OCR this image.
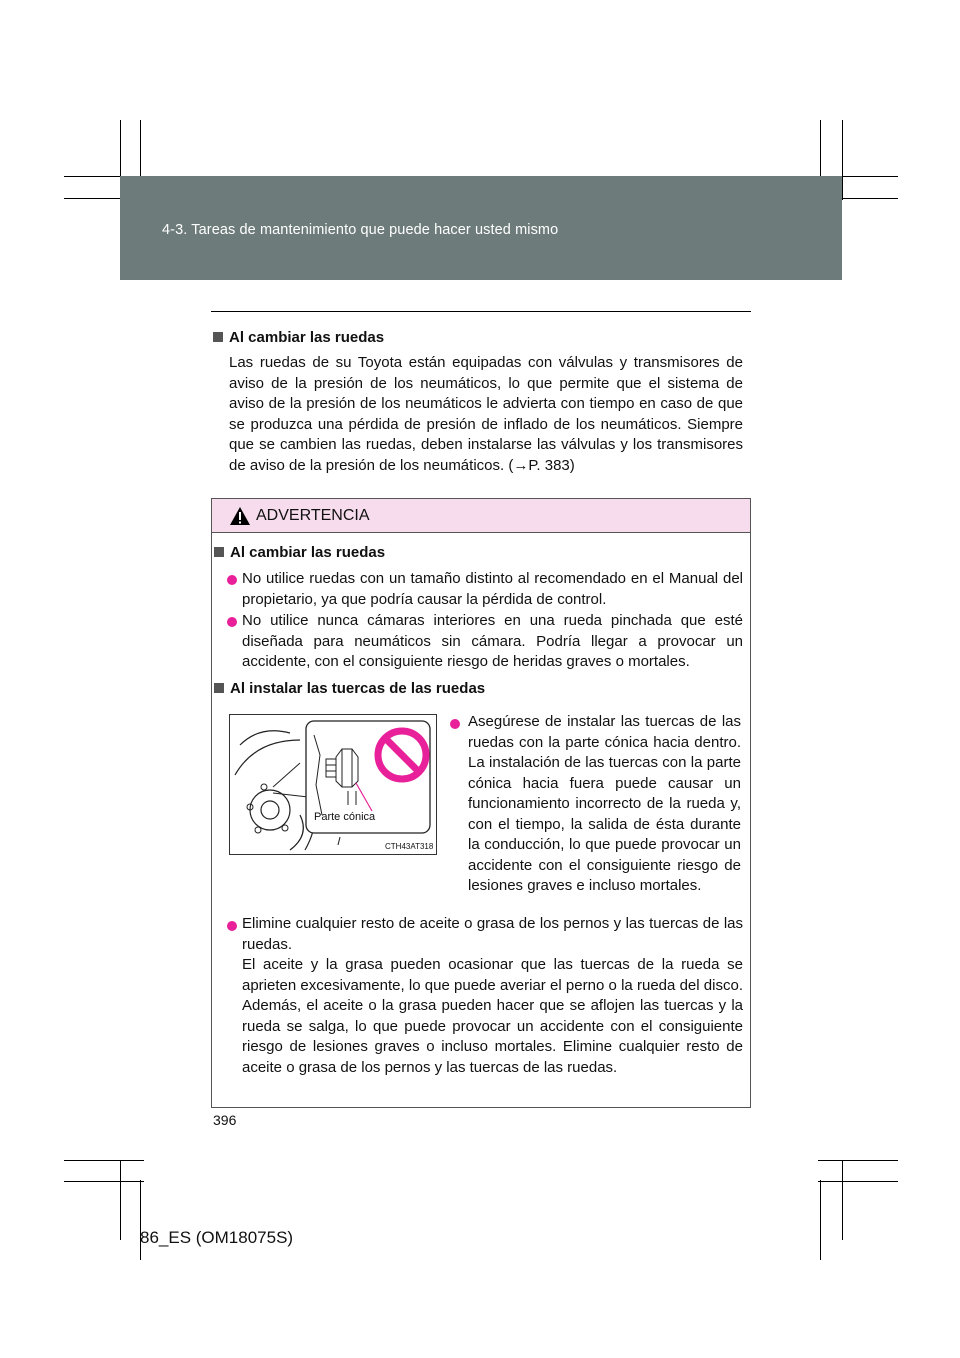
4-3. Tareas de mantenimiento que puede hacer usted mismo
Al cambiar las ruedas
Las ruedas de su Toyota están equipadas con válvulas y transmisores de aviso de la presión de los neumáticos, lo que permite que el sistema de aviso de la presión de los neumáticos le advierta con tiempo en caso de que se produzca una pérdida de presión de inflado de los neumáticos. Siempre que se cambien las ruedas, deben instalarse las válvulas y los transmisores de aviso de la presión de los neumáticos. (→P. 383)
ADVERTENCIA
Al cambiar las ruedas
No utilice ruedas con un tamaño distinto al recomendado en el Manual del propietario, ya que podría causar la pérdida de control.
No utilice nunca cámaras interiores en una rueda pinchada que esté diseñada para neumáticos sin cámara. Podría llegar a provocar un accidente, con el consiguiente riesgo de heridas graves o mortales.
Al instalar las tuercas de las ruedas
Parte cónica
CTH43AT318
Asegúrese de instalar las tuercas de las ruedas con la parte cónica hacia dentro. La instalación de las tuercas con la parte cónica hacia fuera puede causar un funcionamiento incorrecto de la rueda y, con el tiempo, la salida de ésta durante la conducción, lo que puede provocar un accidente con el consiguiente riesgo de lesiones graves e incluso mortales.
Elimine cualquier resto de aceite o grasa de los pernos y las tuercas de las ruedas.
El aceite y la grasa pueden ocasionar que las tuercas de la rueda se aprieten excesivamente, lo que puede averiar el perno o la rueda del disco. Además, el aceite o la grasa pueden hacer que se aflojen las tuercas y la rueda se salga, lo que puede provocar un accidente con el consiguiente riesgo de lesiones graves o incluso mortales. Elimine cualquier resto de aceite o grasa de los pernos y las tuercas de las ruedas.
396
86_ES (OM18075S)
